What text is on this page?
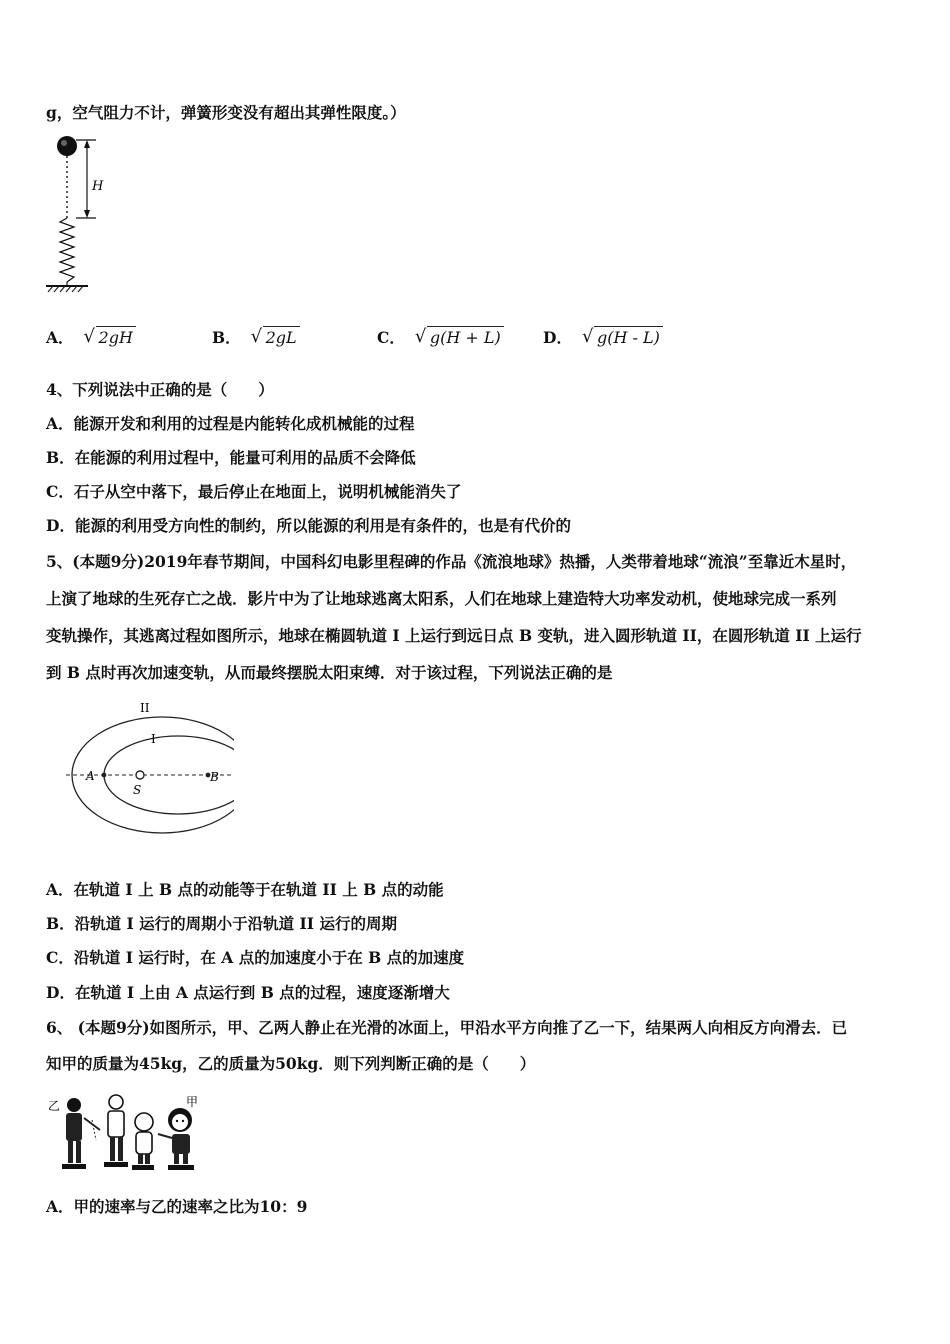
g，空气阻力不计，弹簧形变没有超出其弹性限度。）
H
A． √ 2gH	B． √ 2gL	C． √ g(H + L)	D． √ g(H - L)
4、下列说法中正确的是（　　）
A．能源开发和利用的过程是内能转化成机械能的过程
B．在能源的利用过程中，能量可利用的品质不会降低
C．石子从空中落下，最后停止在地面上，说明机械能消失了
D．能源的利用受方向性的制约，所以能源的利用是有条件的，也是有代价的
5、(本题9分)2019年春节期间，中国科幻电影里程碑的作品《流浪地球》热播，人类带着地球“流浪”至靠近木星时，
上演了地球的生死存亡之战．影片中为了让地球逃离太阳系，人们在地球上建造特大功率发动机，使地球完成一系列
变轨操作，其逃离过程如图所示，地球在椭圆轨道 I 上运行到远日点 B 变轨，进入圆形轨道 II，在圆形轨道 II 上运行
到 B 点时再次加速变轨，从而最终摆脱太阳束缚．对于该过程，下列说法正确的是
II
I
A
S
B
A．在轨道 I 上 B 点的动能等于在轨道 II 上 B 点的动能
B．沿轨道 I 运行的周期小于沿轨道 II 运行的周期
C．沿轨道 I 运行时，在 A 点的加速度小于在 B 点的加速度
D．在轨道 I 上由 A 点运行到 B 点的过程，速度逐渐增大
6、 (本题9分)如图所示，甲、乙两人静止在光滑的冰面上，甲沿水平方向推了乙一下，结果两人向相反方向滑去．已
知甲的质量为45kg，乙的质量为50kg．则下列判断正确的是（　　）
乙	甲
A．甲的速率与乙的速率之比为10：9
